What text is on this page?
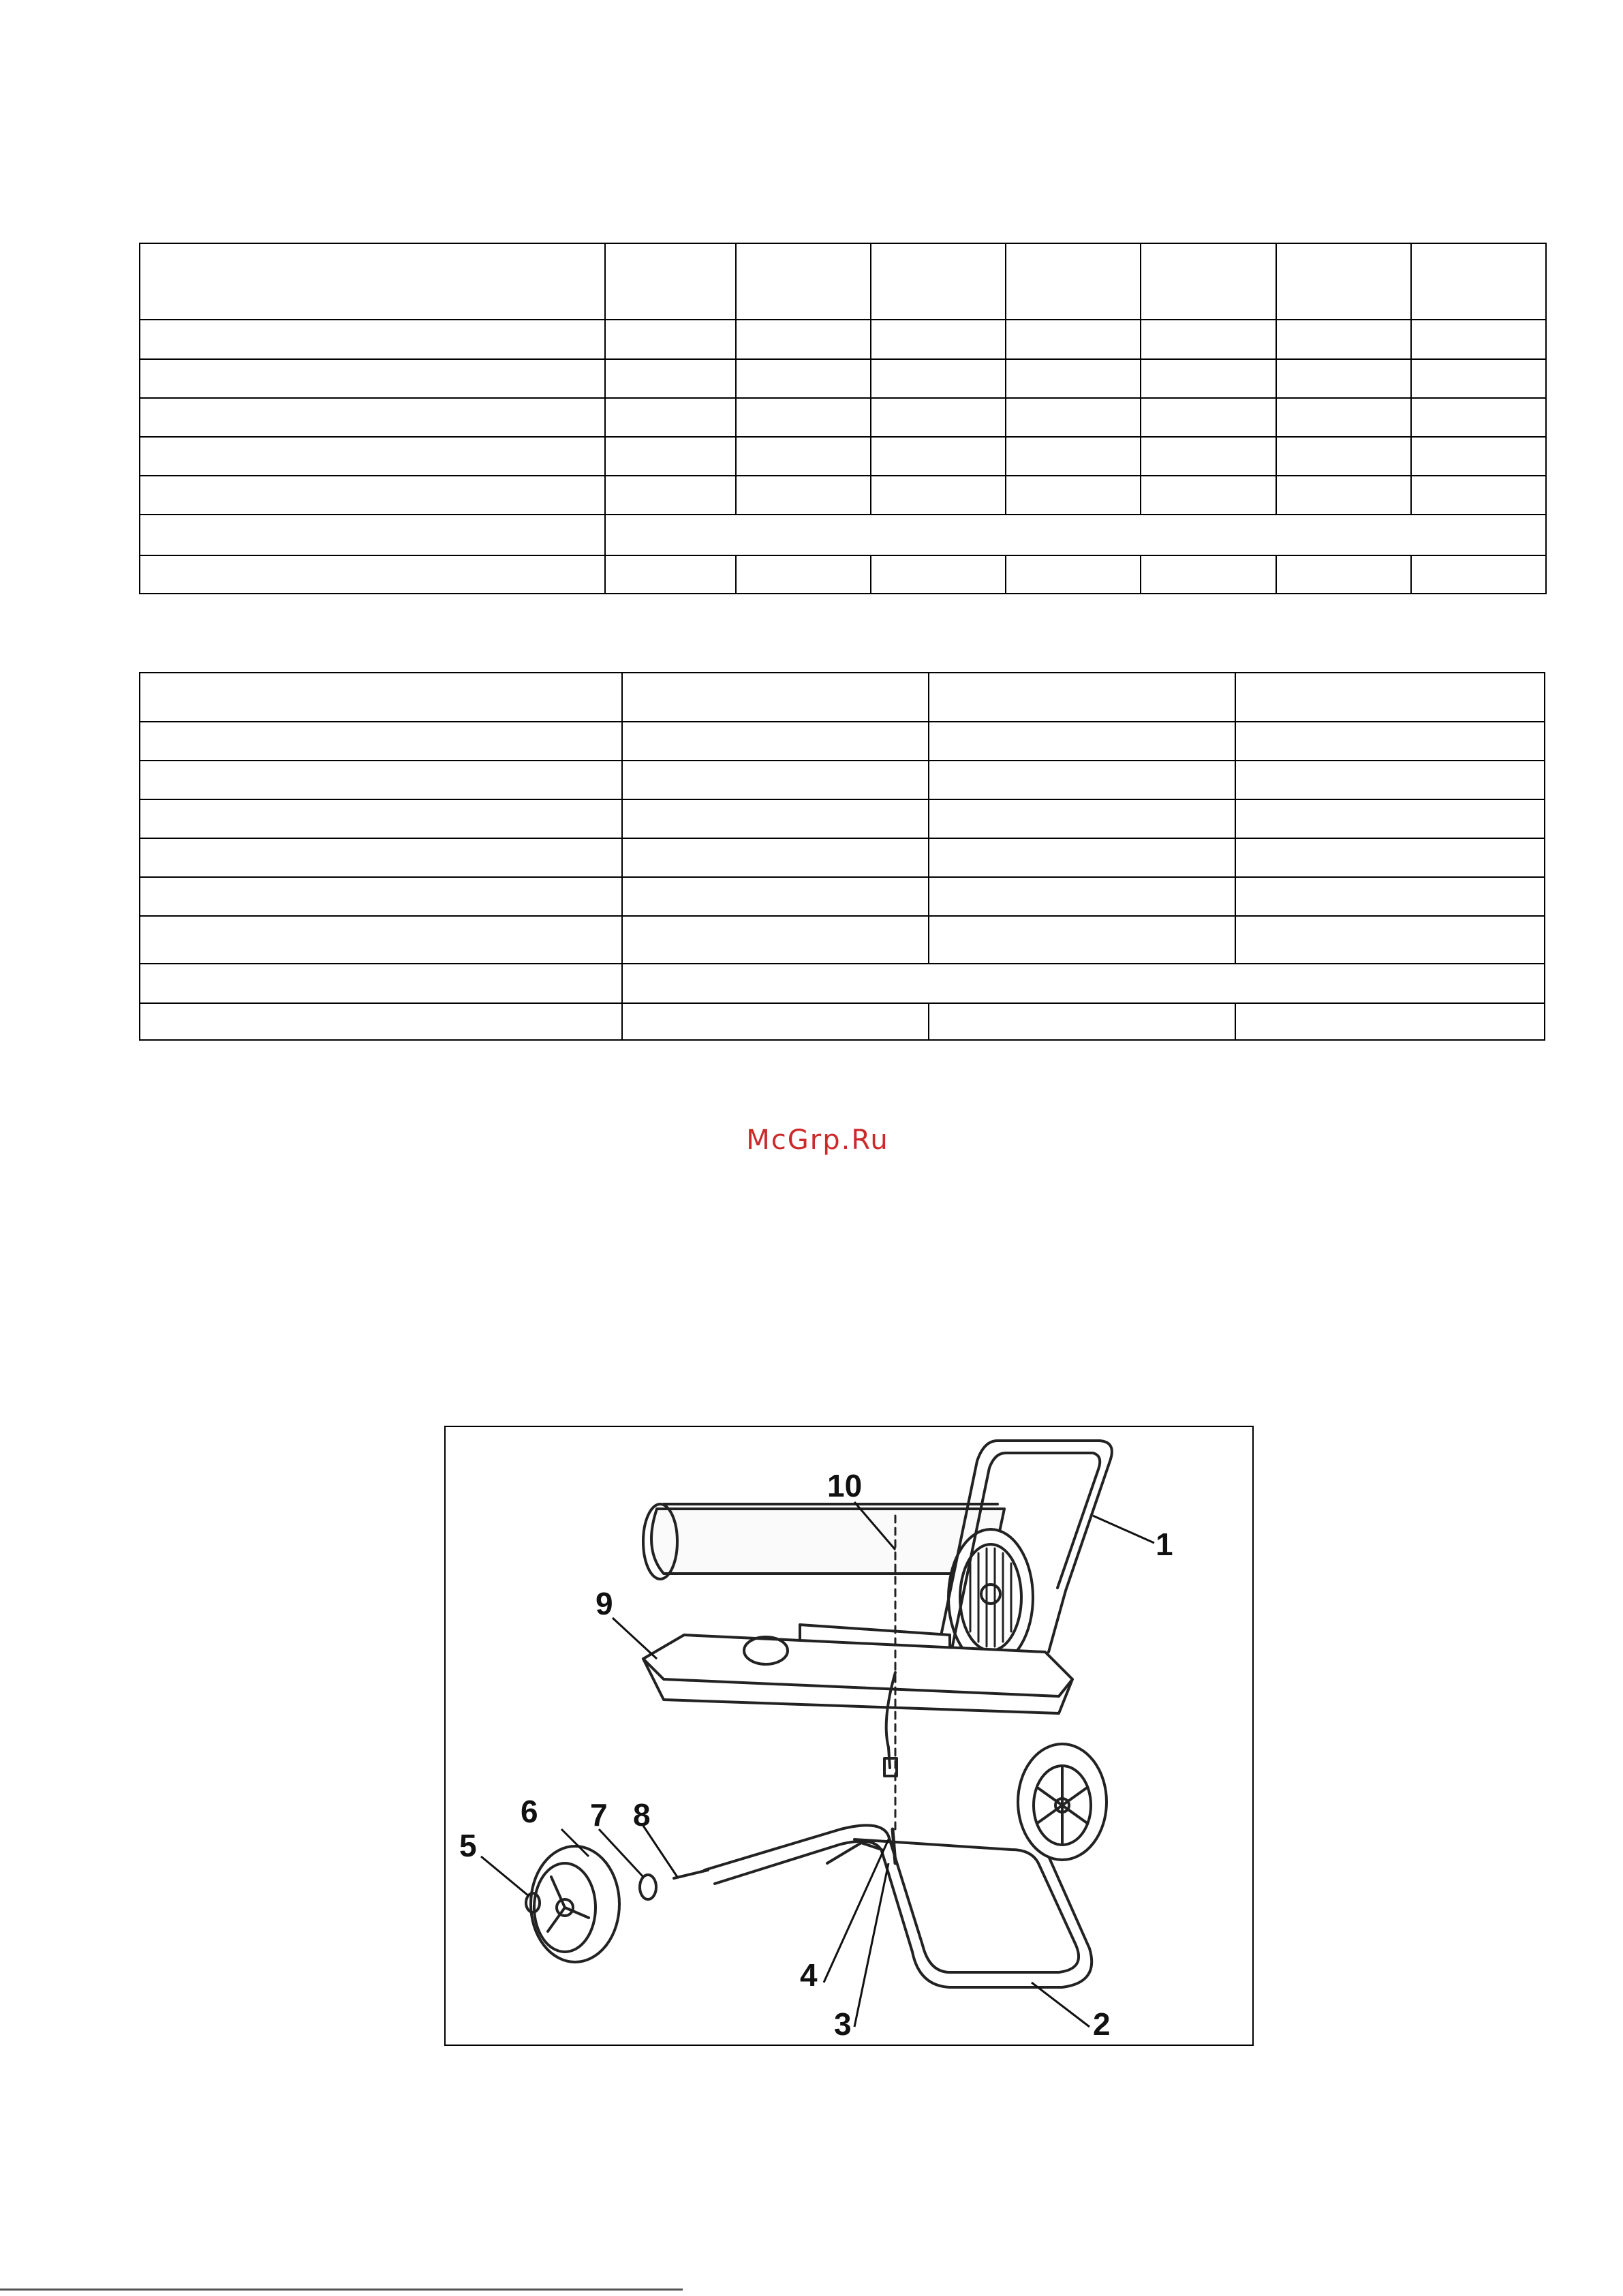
McGrp.Ru
1
2
3
4
5
6 7 8
9
10
